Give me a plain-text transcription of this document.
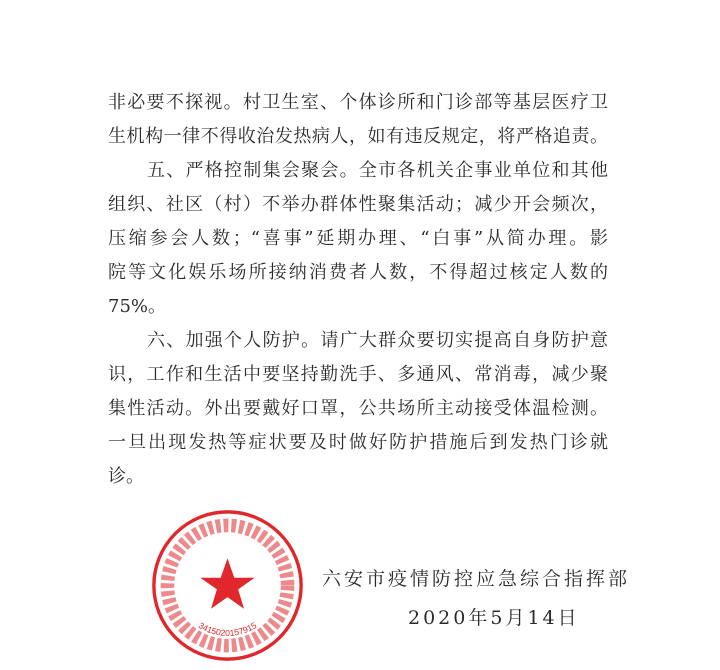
非必要不探视。村卫生室、个体诊所和门诊部等基层医疗卫
生机构一律不得收治发热病人，如有违反规定，将严格追责。
五、严格控制集会聚会。全市各机关企事业单位和其他
组织、社区（村）不举办群体性聚集活动；减少开会频次，
压缩参会人数；“喜事”延期办理、“白事”从简办理。影
院等文化娱乐场所接纳消费者人数，不得超过核定人数的
75%。
六、加强个人防护。请广大群众要切实提高自身防护意
识，工作和生活中要坚持勤洗手、多通风、常消毒，减少聚
集性活动。外出要戴好口罩，公共场所主动接受体温检测。
一旦出现发热等症状要及时做好防护措施后到发热门诊就
诊。
3415020157915
六安市疫情防控应急综合指挥部
2020年5月14日
